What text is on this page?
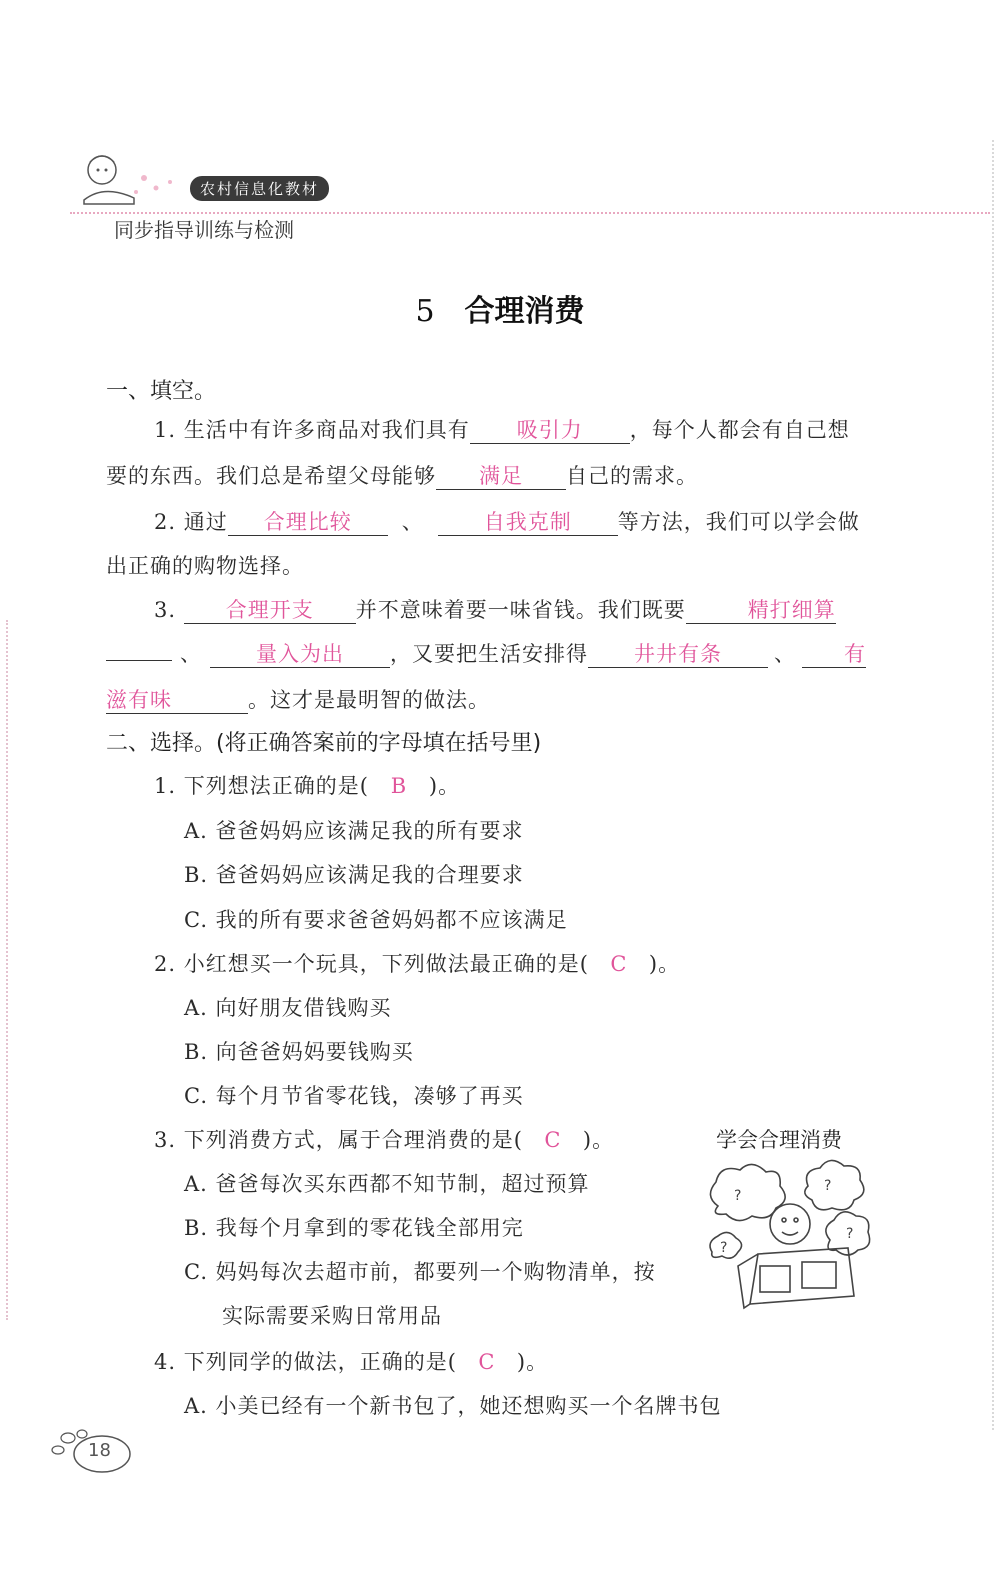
农村信息化教材
同步指导训练与检测
5 合理消费
一、填空。
1. 生活中有许多商品对我们具有 吸引力 ，每个人都会有自己想
要的东西。我们总是希望父母能够 满足 自己的需求。
2. 通过 合理比较 、	自我克制 等方法，我们可以学会做
出正确的购物选择。
3. 合理开支 并不意味着要一味省钱。我们既要	精打细算
、	量入为出 ，又要把生活安排得 井井有条 、 有
滋有味	。这才是最明智的做法。
二、选择。(将正确答案前的字母填在括号里)
1. 下列想法正确的是( B )。
A. 爸爸妈妈应该满足我的所有要求
B. 爸爸妈妈应该满足我的合理要求
C. 我的所有要求爸爸妈妈都不应该满足
2. 小红想买一个玩具，下列做法最正确的是( C )。
A. 向好朋友借钱购买
B. 向爸爸妈妈要钱购买
C. 每个月节省零花钱，凑够了再买
3. 下列消费方式，属于合理消费的是( C )。
A. 爸爸每次买东西都不知节制，超过预算
B. 我每个月拿到的零花钱全部用完
C. 妈妈每次去超市前，都要列一个购物清单，按
实际需要采购日常用品
4. 下列同学的做法，正确的是( C )。
A. 小美已经有一个新书包了，她还想购买一个名牌书包
学会合理消费
?
?
?
?
18
